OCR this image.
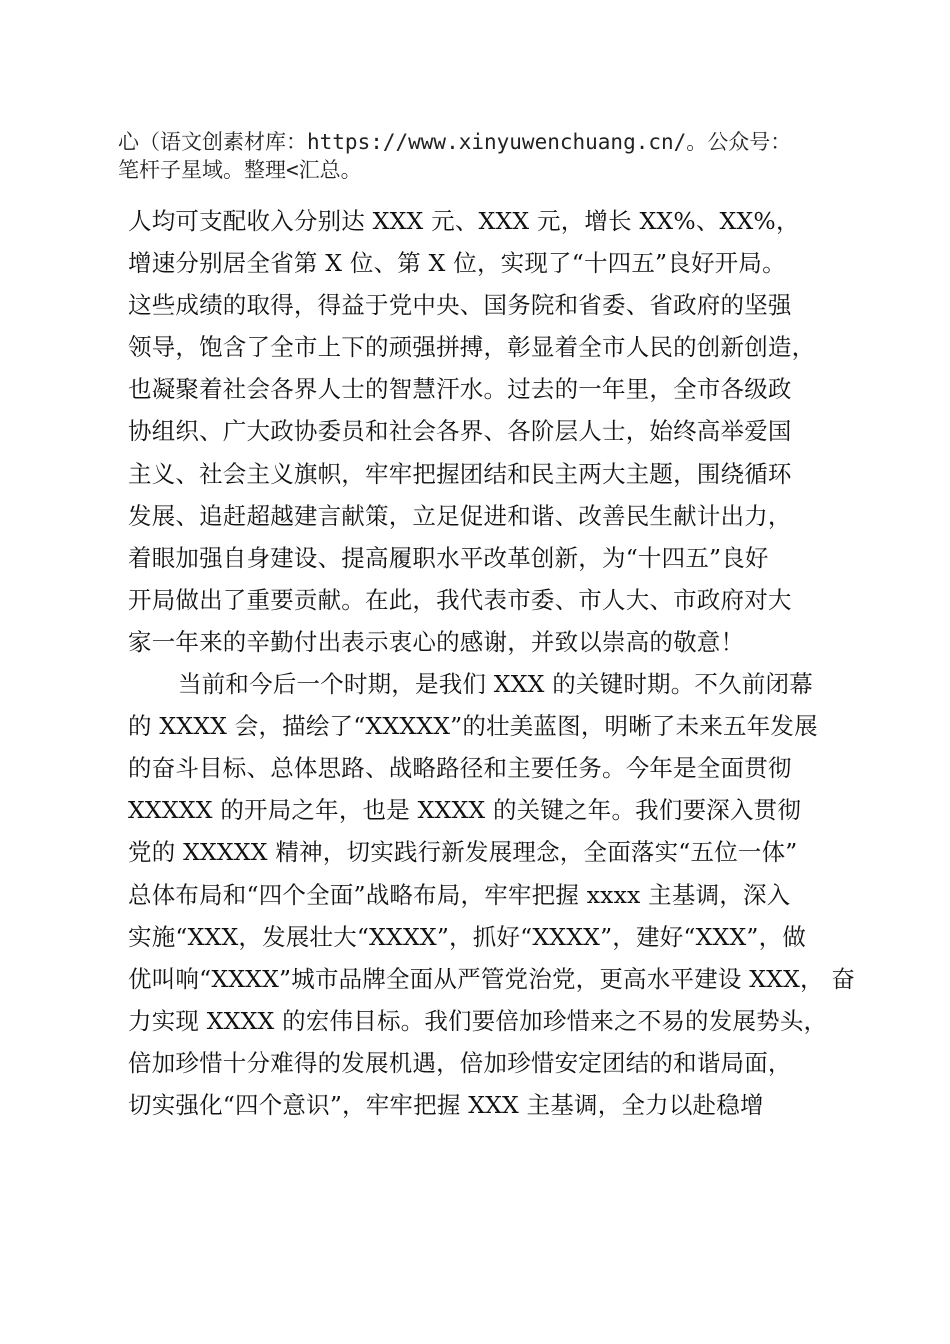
心（语文创素材库：https://www.xinyuwenchuang.cn/。公众号：
笔杆子星域。整理<汇总。
人均可支配收入分别达 XXX 元、XXX 元，增长 XX%、XX%，
增速分别居全省第 X 位、第 X 位，实现了“十四五”良好开局。
这些成绩的取得，得益于党中央、国务院和省委、省政府的坚强
领导，饱含了全市上下的顽强拼搏，彰显着全市人民的创新创造，
也凝聚着社会各界人士的智慧汗水。过去的一年里，全市各级政
协组织、广大政协委员和社会各界、各阶层人士，始终高举爱国
主义、社会主义旗帜，牢牢把握团结和民主两大主题，围绕循环
发展、追赶超越建言献策，立足促进和谐、改善民生献计出力，
着眼加强自身建设、提高履职水平改革创新，为“十四五”良好
开局做出了重要贡献。在此，我代表市委、市人大、市政府对大
家一年来的辛勤付出表示衷心的感谢，并致以崇高的敬意！
当前和今后一个时期，是我们 XXX 的关键时期。不久前闭幕
的 XXXX 会，描绘了“XXXXX”的壮美蓝图，明晰了未来五年发展
的奋斗目标、总体思路、战略路径和主要任务。今年是全面贯彻
XXXXX 的开局之年，也是 XXXX 的关键之年。我们要深入贯彻
党的 XXXXX 精神，切实践行新发展理念，全面落实“五位一体”
总体布局和“四个全面”战略布局，牢牢把握 xxxx 主基调，深入
实施“XXX，发展壮大“XXXX”，抓好“XXXX”，建好“XXX”，做
优叫响“XXXX”城市品牌全面从严管党治党，更高水平建设 XXX， 奋
力实现 XXXX 的宏伟目标。我们要倍加珍惜来之不易的发展势头，
倍加珍惜十分难得的发展机遇，倍加珍惜安定团结的和谐局面，
切实强化“四个意识”，牢牢把握 XXX 主基调，全力以赴稳增
